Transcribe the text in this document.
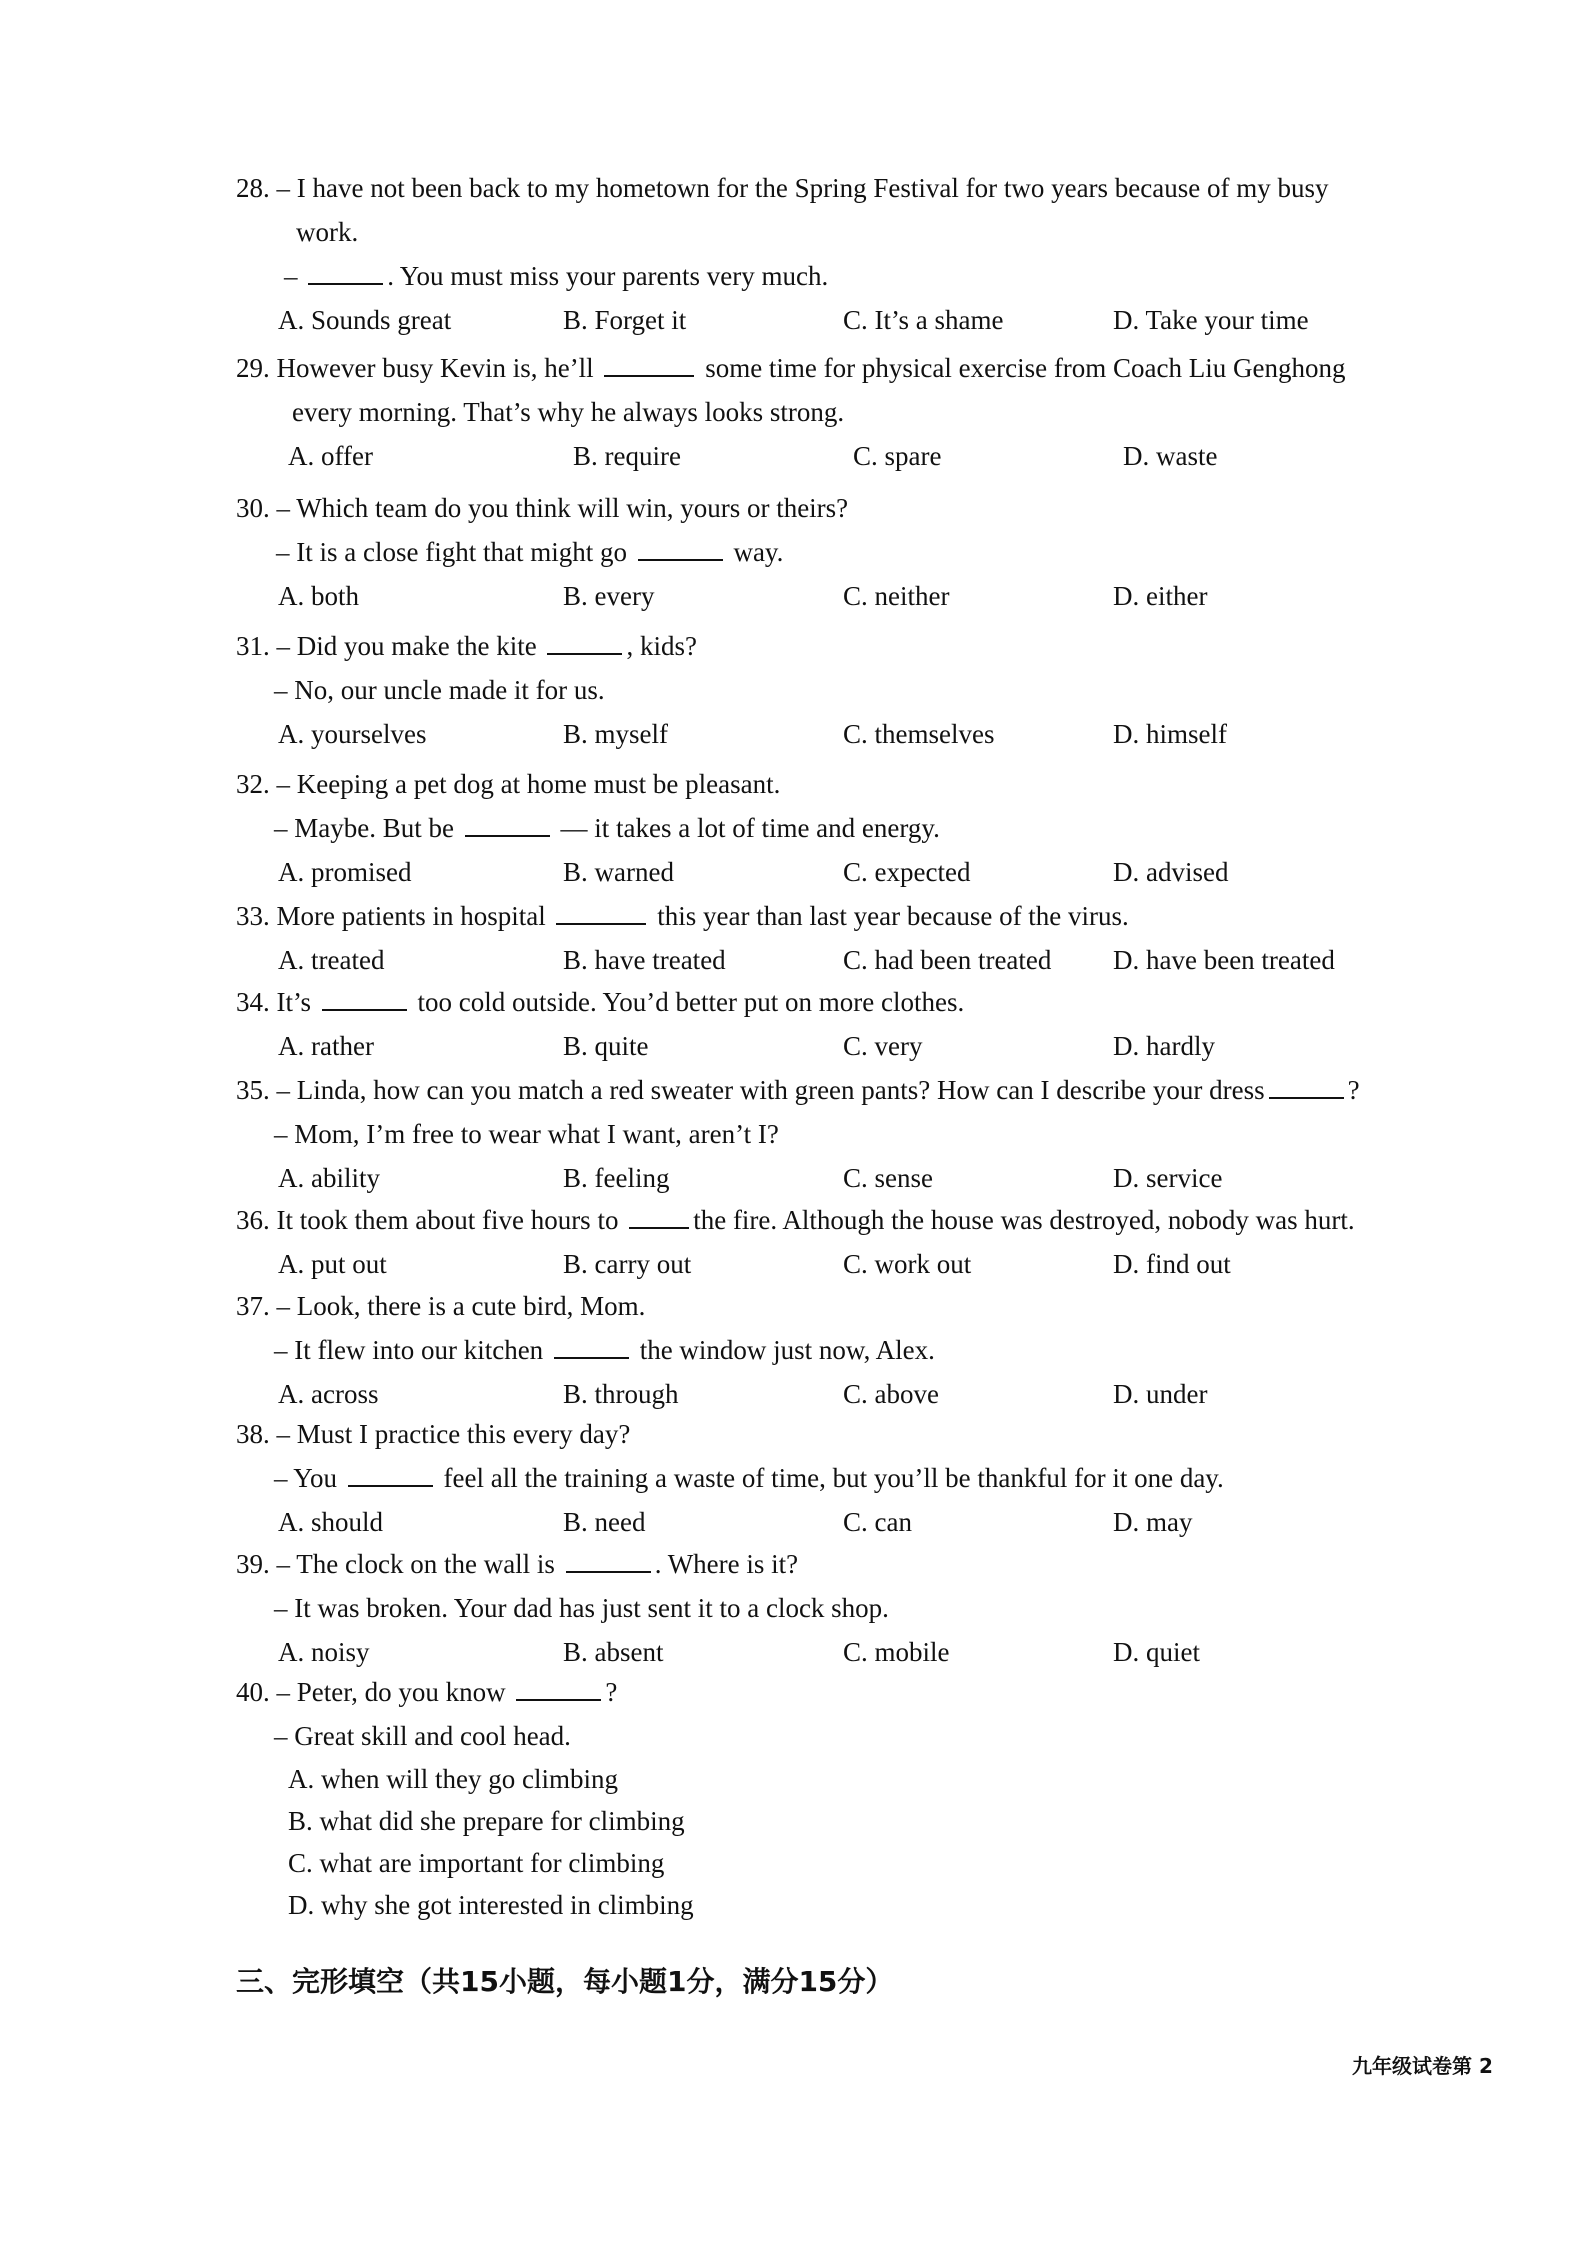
28. – I have not been back to my hometown for the Spring Festival for two years because of my busy
work.
–	. You must miss your parents very much.
A. Sounds great	B. Forget it	C. It’s a shame	D. Take your time
29. However busy Kevin is, he’ll	some time for physical exercise from Coach Liu Genghong
every morning. That’s why he always looks strong.
A. offer	B. require	C. spare	D. waste
30. – Which team do you think will win, yours or theirs?
– It is a close fight that might go	way.
A. both	B. every	C. neither	D. either
31. – Did you make the kite	, kids?
– No, our uncle made it for us.
A. yourselves	B. myself	C. themselves	D. himself
32. – Keeping a pet dog at home must be pleasant.
– Maybe. But be	— it takes a lot of time and energy.
A. promised	B. warned	C. expected	D. advised
33. More patients in hospital	this year than last year because of the virus.
A. treated	B. have treated	C. had been treated	D. have been treated
34. It’s	too cold outside. You’d better put on more clothes.
A. rather	B. quite	C. very	D. hardly
35. – Linda, how can you match a red sweater with green pants? How can I describe your dress	?
– Mom, I’m free to wear what I want, aren’t I?
A. ability	B. feeling	C. sense	D. service
36. It took them about five hours to	the fire. Although the house was destroyed, nobody was hurt.
A. put out	B. carry out	C. work out	D. find out
37. – Look, there is a cute bird, Mom.
– It flew into our kitchen	the window just now, Alex.
A. across	B. through	C. above	D. under
38. – Must I practice this every day?
– You	feel all the training a waste of time, but you’ll be thankful for it one day.
A. should	B. need	C. can	D. may
39. – The clock on the wall is	. Where is it?
– It was broken. Your dad has just sent it to a clock shop.
A. noisy	B. absent	C. mobile	D. quiet
40. – Peter, do you know	?
– Great skill and cool head.
A. when will they go climbing
B. what did she prepare for climbing
C. what are important for climbing
D. why she got interested in climbing
三、完形填空（共15小题，每小题1分，满分15分）
九年级试卷第 2
